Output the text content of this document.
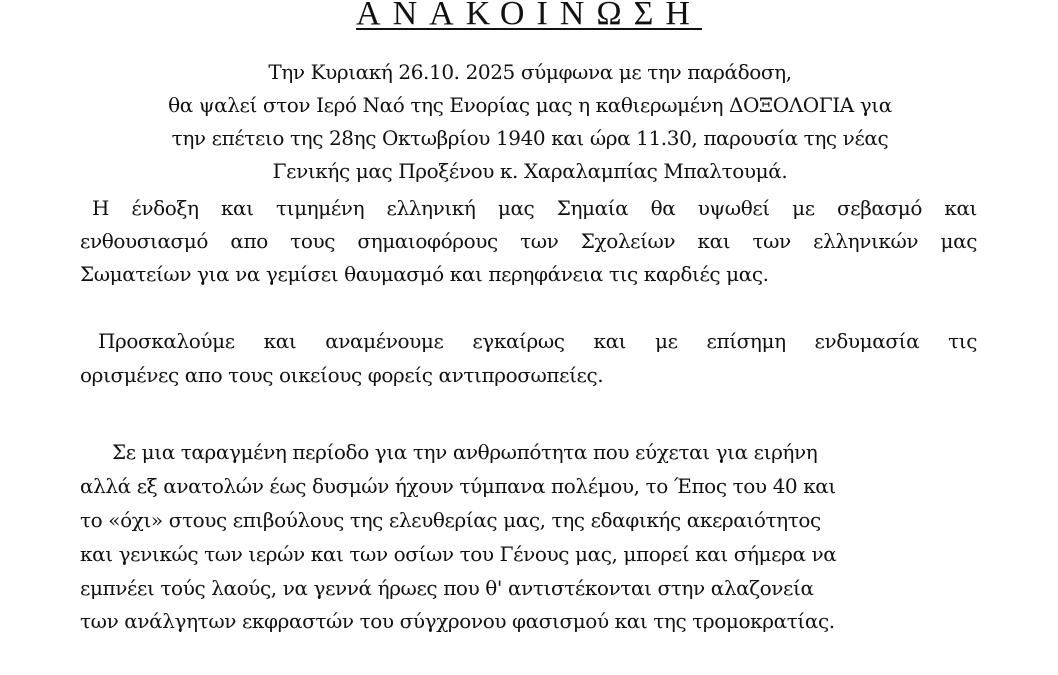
ΑΝΑΚΟΙΝΩΣΗ
Την Κυριακή 26.10. 2025 σύμφωνα με την παράδοση,
θα ψαλεί στον Ιερό Ναό της Ενορίας μας η καθιερωμένη ΔΟΞΟΛΟΓΙΑ για
την επέτειο της 28ης Οκτωβρίου 1940 και ώρα 11.30, παρουσία της νέας
Γενικής μας Προξένου κ. Χαραλαμπίας Μπαλτουμά.
Η ένδοξη και τιμημένη ελληνική μας Σημαία θα υψωθεί με σεβασμό και
ενθουσιασμό απο τους σημαιοφόρους των Σχολείων και των ελληνικών μας
Σωματείων για να γεμίσει θαυμασμό και περηφάνεια τις καρδιές μας.
Προσκαλούμε και αναμένουμε εγκαίρως και με επίσημη ενδυμασία τις
ορισμένες απο τους οικείους φορείς αντιπροσωπείες.
Σε μια ταραγμένη περίοδο για την ανθρωπότητα που εύχεται για ειρήνη
αλλά εξ ανατολών έως δυσμών ήχουν τύμπανα πολέμου, το Έπος του 40 και
το «όχι» στους επιβούλους της ελευθερίας μας, της εδαφικής ακεραιότητος
και γενικώς των ιερών και των οσίων του Γένους μας, μπορεί και σήμερα να
εμπνέει τούς λαούς, να γεννά ήρωες που θ' αντιστέκονται στην αλαζονεία
των ανάλγητων εκφραστών του σύγχρονου φασισμού και της τρομοκρατίας.
